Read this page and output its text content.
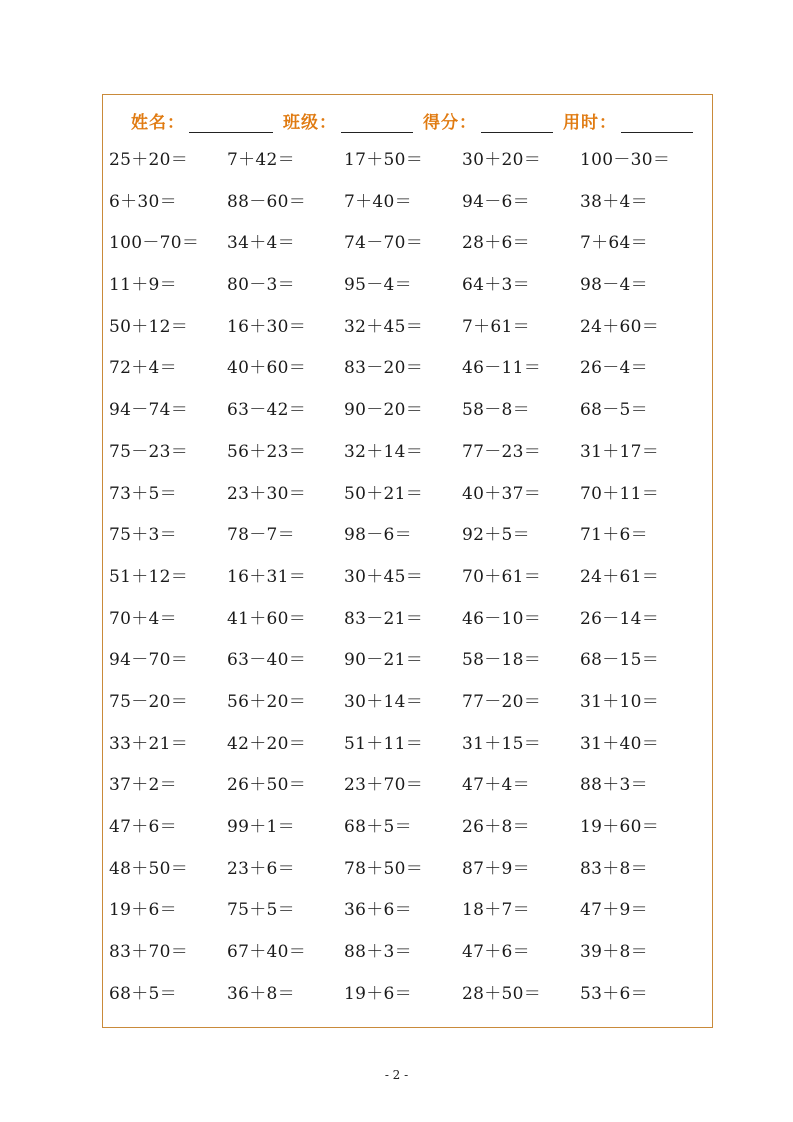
姓名：	班级：	得分：	用时：
25＋20＝ 7＋42＝	17＋50＝ 30＋20＝ 100－30＝
6＋30＝	88－60＝ 7＋40＝	94－6＝	38＋4＝
100－70＝ 34＋4＝	74－70＝ 28＋6＝	7＋64＝
11＋9＝	80－3＝	95－4＝	64＋3＝	98－4＝
50＋12＝ 16＋30＝ 32＋45＝ 7＋61＝	24＋60＝
72＋4＝	40＋60＝ 83－20＝ 46－11＝ 26－4＝
94－74＝ 63－42＝ 90－20＝ 58－8＝	68－5＝
75－23＝ 56＋23＝ 32＋14＝ 77－23＝ 31＋17＝
73＋5＝	23＋30＝ 50＋21＝ 40＋37＝ 70＋11＝
75＋3＝	78－7＝	98－6＝	92＋5＝	71＋6＝
51＋12＝ 16＋31＝ 30＋45＝ 70＋61＝ 24＋61＝
70＋4＝	41＋60＝ 83－21＝ 46－10＝ 26－14＝
94－70＝ 63－40＝ 90－21＝ 58－18＝ 68－15＝
75－20＝ 56＋20＝ 30＋14＝ 77－20＝ 31＋10＝
33＋21＝ 42＋20＝ 51＋11＝ 31＋15＝ 31＋40＝
37＋2＝	26＋50＝ 23＋70＝ 47＋4＝	88＋3＝
47＋6＝	99＋1＝	68＋5＝	26＋8＝	19＋60＝
48＋50＝ 23＋6＝	78＋50＝ 87＋9＝	83＋8＝
19＋6＝	75＋5＝	36＋6＝	18＋7＝	47＋9＝
83＋70＝ 67＋40＝ 88＋3＝	47＋6＝	39＋8＝
68＋5＝	36＋8＝	19＋6＝	28＋50＝ 53＋6＝
- 2 -
